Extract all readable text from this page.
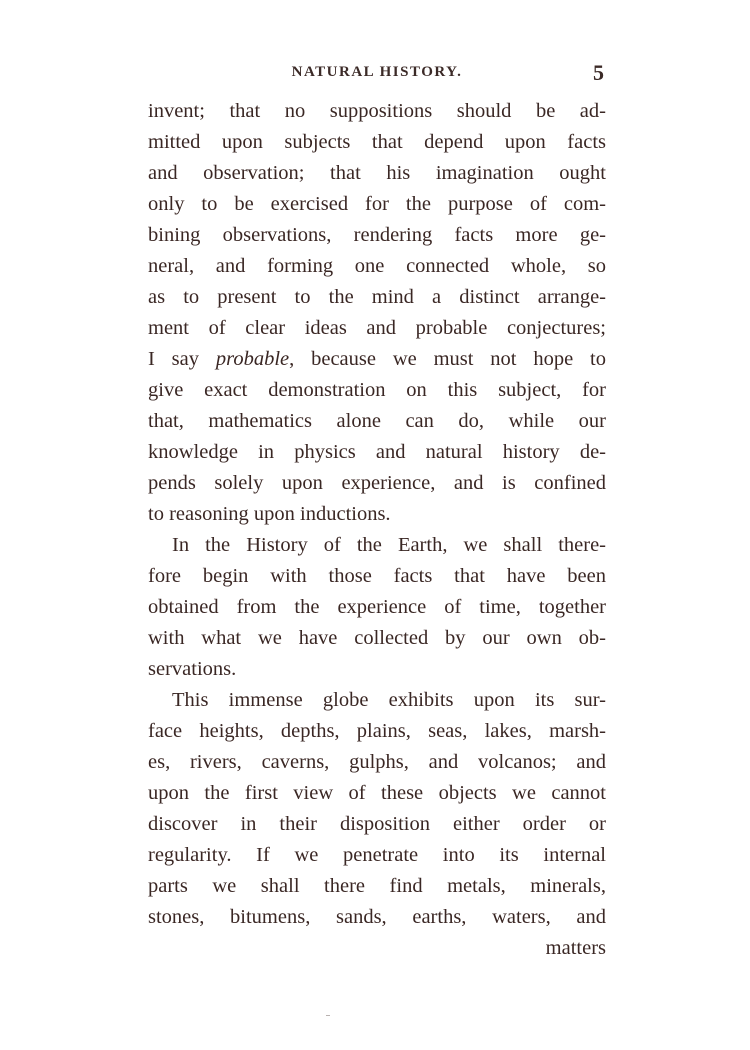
NATURAL HISTORY.	5
invent; that no suppositions should be ad-
mitted upon subjects that depend upon facts
and observation; that his imagination ought
only to be exercised for the purpose of com-
bining observations, rendering facts more ge-
neral, and forming one connected whole, so
as to present to the mind a distinct arrange-
ment of clear ideas and probable conjectures;
I say probable, because we must not hope to
give exact demonstration on this subject, for
that, mathematics alone can do, while our
knowledge in physics and natural history de-
pends solely upon experience, and is confined
to reasoning upon inductions.
In the History of the Earth, we shall there-
fore begin with those facts that have been
obtained from the experience of time, together
with what we have collected by our own ob-
servations.
This immense globe exhibits upon its sur-
face heights, depths, plains, seas, lakes, marsh-
es, rivers, caverns, gulphs, and volcanos; and
upon the first view of these objects we cannot
discover in their disposition either order or
regularity. If we penetrate into its internal
parts we shall there find metals, minerals,
stones, bitumens, sands, earths, waters, and
matters
